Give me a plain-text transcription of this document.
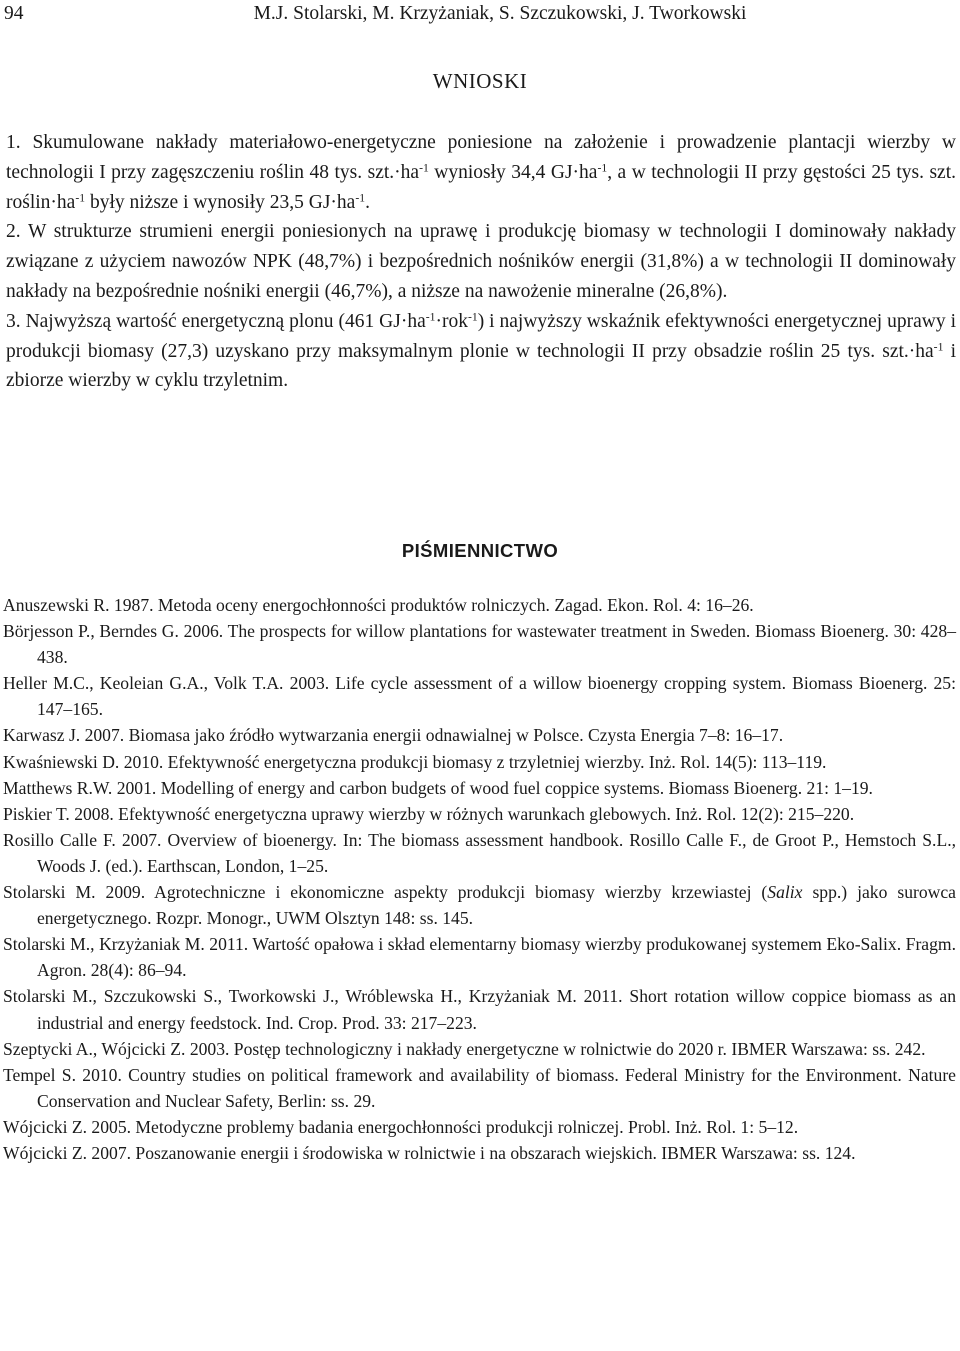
94	M.J. Stolarski, M. Krzyżaniak, S. Szczukowski, J. Tworkowski
WNIOSKI

1. Skumulowane nakłady materiałowo-energetyczne poniesione na założenie i prowadzenie plantacji wierzby w technologii I przy zagęszczeniu roślin 48 tys. $szt.\cdot ha^{-1}$ wyniosły 34,4 $GJ\cdot ha^{-1}$, a w technologii II przy gęstości 25 tys. szt. $roślin\cdot ha^{-1}$ były niższe i wynosiły 23,5 $GJ\cdot ha^{-1}$.

2. W strukturze strumieni energii poniesionych na uprawę i produkcję biomasy w technologii I dominowały nakłady związane z użyciem nawozów NPK (48,7%) i bezpośrednich nośników energii (31,8%) a w technologii II dominowały nakłady na bezpośrednie nośniki energii (46,7%), a niższe na nawożenie mineralne (26,8%).

3. Najwyższą wartość energetyczną plonu (461 $GJ\cdot ha^{-1}\cdot rok^{-1}$) i najwyższy wskaźnik efektywności energetycznej uprawy i produkcji biomasy (27,3) uzyskano przy maksymalnym plonie w technologii II przy obsadzie roślin 25 tys. $szt.\cdot ha^{-1}$ i zbiorze wierzby w cyklu trzyletnim.

PIŚMIENNICTWO

Anuszewski R. 1987. Metoda oceny energochłonności produktów rolniczych. Zagad. Ekon. Rol. 4: 16–26.

Börjesson P., Berndes G. 2006. The prospects for willow plantations for wastewater treatment in Sweden. Biomass Bioenerg. 30: 428–438.

Heller M.C., Keoleian G.A., Volk T.A. 2003. Life cycle assessment of a willow bioenergy cropping system. Biomass Bioenerg. 25: 147–165.

Karwasz J. 2007. Biomasa jako źródło wytwarzania energii odnawialnej w Polsce. Czysta Energia 7–8: 16–17.

Kwaśniewski D. 2010. Efektywność energetyczna produkcji biomasy z trzyletniej wierzby. Inż. Rol. 14(5): 113–119.

Matthews R.W. 2001. Modelling of energy and carbon budgets of wood fuel coppice systems. Biomass Bioenerg. 21: 1–19.

Piskier T. 2008. Efektywność energetyczna uprawy wierzby w różnych warunkach glebowych. Inż. Rol. 12(2): 215–220.

Rosillo Calle F. 2007. Overview of bioenergy. In: The biomass assessment handbook. Rosillo Calle F., de Groot P., Hemstoch S.L., Woods J. (ed.). Earthscan, London, 1–25.

Stolarski M. 2009. Agrotechniczne i ekonomiczne aspekty produkcji biomasy wierzby krzewiastej (Salix spp.) jako surowca energetycznego. Rozpr. Monogr., UWM Olsztyn 148: ss. 145.

Stolarski M., Krzyżaniak M. 2011. Wartość opałowa i skład elementarny biomasy wierzby produkowanej systemem Eko-Salix. Fragm. Agron. 28(4): 86–94.

Stolarski M., Szczukowski S., Tworkowski J., Wróblewska H., Krzyżaniak M. 2011. Short rotation willow coppice biomass as an industrial and energy feedstock. Ind. Crop. Prod. 33: 217–223.

Szeptycki A., Wójcicki Z. 2003. Postęp technologiczny i nakłady energetyczne w rolnictwie do 2020 r. IBMER Warszawa: ss. 242.

Tempel S. 2010. Country studies on political framework and availability of biomass. Federal Ministry for the Environment. Nature Conservation and Nuclear Safety, Berlin: ss. 29.

Wójcicki Z. 2005. Metodyczne problemy badania energochłonności produkcji rolniczej. Probl. Inż. Rol. 1: 5–12.

Wójcicki Z. 2007. Poszanowanie energii i środowiska w rolnictwie i na obszarach wiejskich. IBMER Warszawa: ss. 124.
